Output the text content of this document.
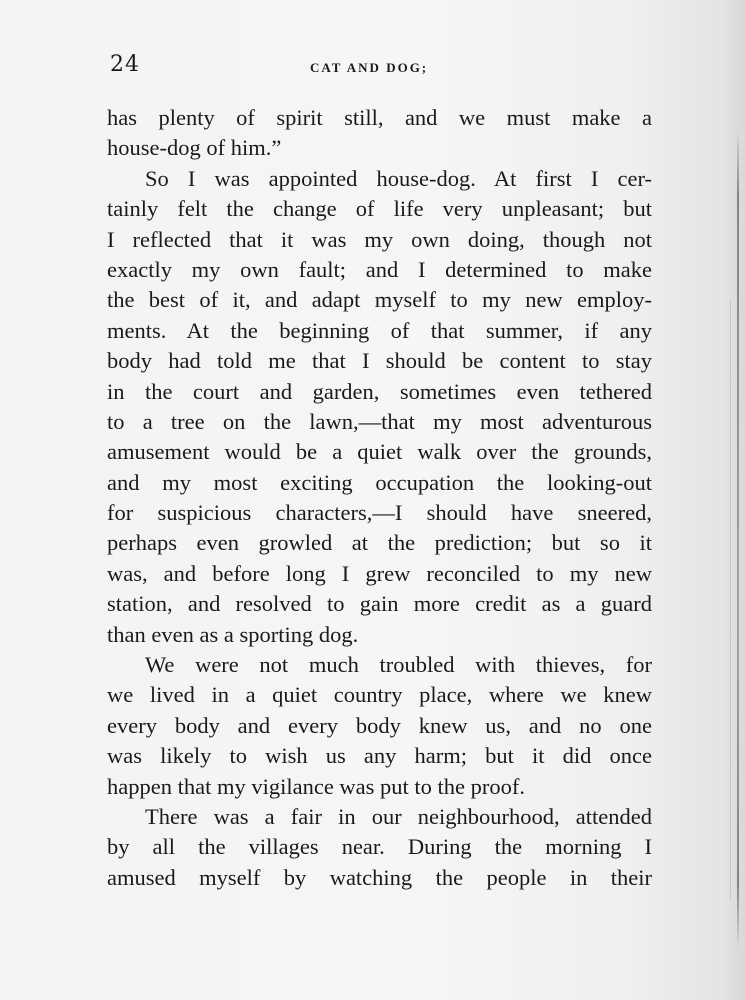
24	CAT AND DOG;
has plenty of spirit still, and we must make a
house-dog of him.”
So I was appointed house-dog. At first I cer-
tainly felt the change of life very unpleasant; but
I reflected that it was my own doing, though not
exactly my own fault; and I determined to make
the best of it, and adapt myself to my new employ-
ments. At the beginning of that summer, if any
body had told me that I should be content to stay
in the court and garden, sometimes even tethered
to a tree on the lawn,—that my most adventurous
amusement would be a quiet walk over the grounds,
and my most exciting occupation the looking-out
for suspicious characters,—I should have sneered,
perhaps even growled at the prediction; but so it
was, and before long I grew reconciled to my new
station, and resolved to gain more credit as a guard
than even as a sporting dog.
We were not much troubled with thieves, for
we lived in a quiet country place, where we knew
every body and every body knew us, and no one
was likely to wish us any harm; but it did once
happen that my vigilance was put to the proof.
There was a fair in our neighbourhood, attended
by all the villages near. During the morning I
amused myself by watching the people in their
